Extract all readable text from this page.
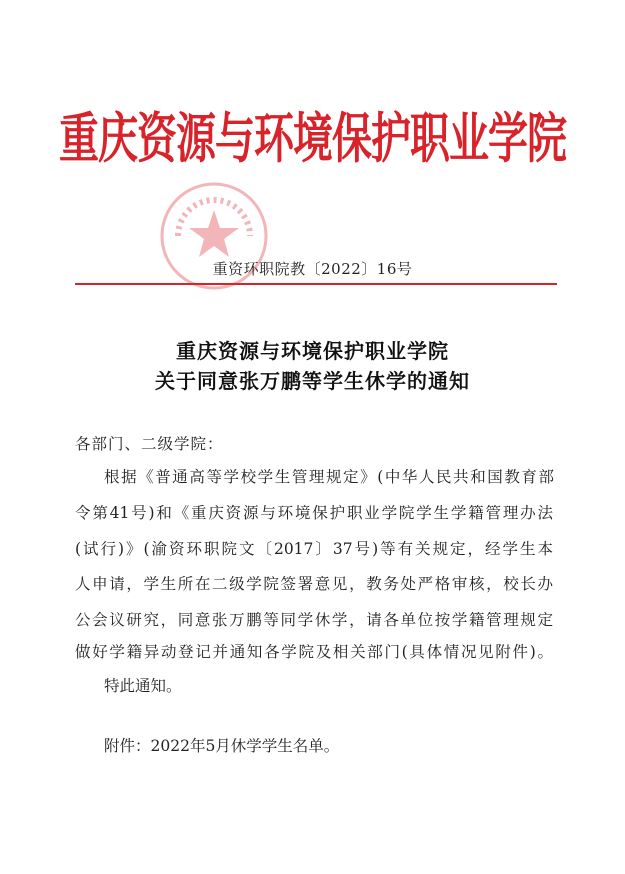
重庆资源与环境保护职业学院
重资环职院教〔2022〕16号
重庆资源与环境保护职业学院
关于同意张万鹏等学生休学的通知
各部门、二级学院：
根据《普通高等学校学生管理规定》(中华人民共和国教育部
令第41号)和《重庆资源与环境保护职业学院学生学籍管理办法
(试行)》(渝资环职院文〔2017〕37号)等有关规定，经学生本
人申请，学生所在二级学院签署意见，教务处严格审核，校长办
公会议研究，同意张万鹏等同学休学，请各单位按学籍管理规定
做好学籍异动登记并通知各学院及相关部门(具体情况见附件)。
特此通知。
附件：2022年5月休学学生名单。
